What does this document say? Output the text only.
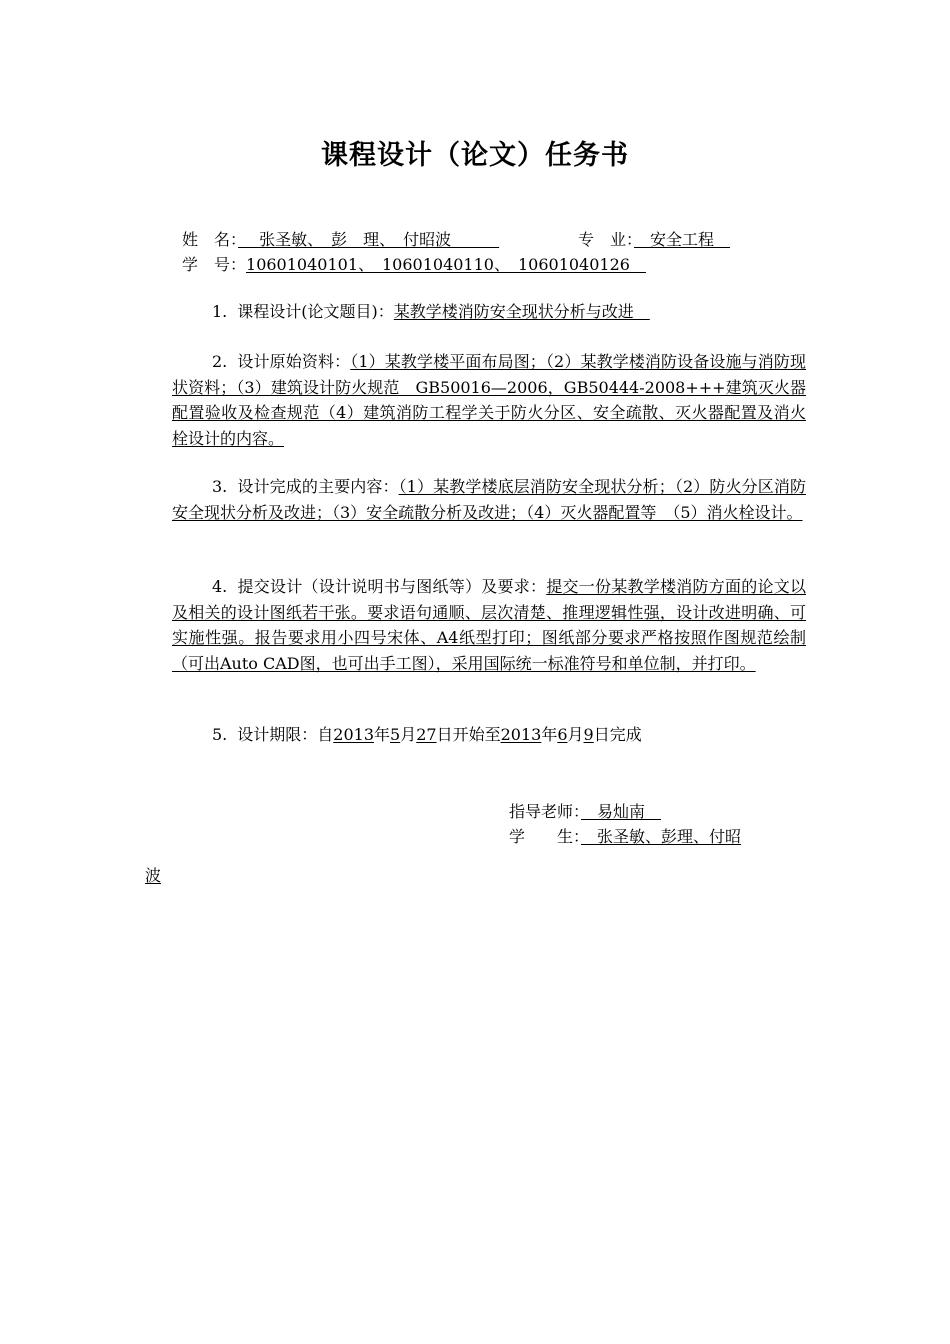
课程设计（论文）任务书
姓　名：　 张圣敏、　彭　理、　付昭波　　　	专　业：　安全工程　
学　号：10601040101、　10601040110、　10601040126　
1. 课程设计(论文题目)：某教学楼消防安全现状分析与改进　
2. 设计原始资料：（1）某教学楼平面布局图；（2）某教学楼消防设备设施与消防现状资料；（3）建筑设计防火规范　GB50016—2006，GB50444-2008+++建筑灭火器配置验收及检查规范（4）建筑消防工程学关于防火分区、安全疏散、灭火器配置及消火栓设计的内容。
3. 设计完成的主要内容：（1）某教学楼底层消防安全现状分析；（2）防火分区消防安全现状分析及改进；（3）安全疏散分析及改进；（4）灭火器配置等　（5）消火栓设计。
4. 提交设计（设计说明书与图纸等）及要求：提交一份某教学楼消防方面的论文以及相关的设计图纸若干张。要求语句通顺、层次清楚、推理逻辑性强，设计改进明确、可实施性强。报告要求用小四号宋体、A4纸型打印；图纸部分要求严格按照作图规范绘制（可出Auto CAD图，也可出手工图），采用国际统一标准符号和单位制，并打印。
5. 设计期限：自2013年5月27日开始至2013年6月9日完成
指导老师：　易灿南　
学　　生：　张圣敏、彭理、付昭
波
